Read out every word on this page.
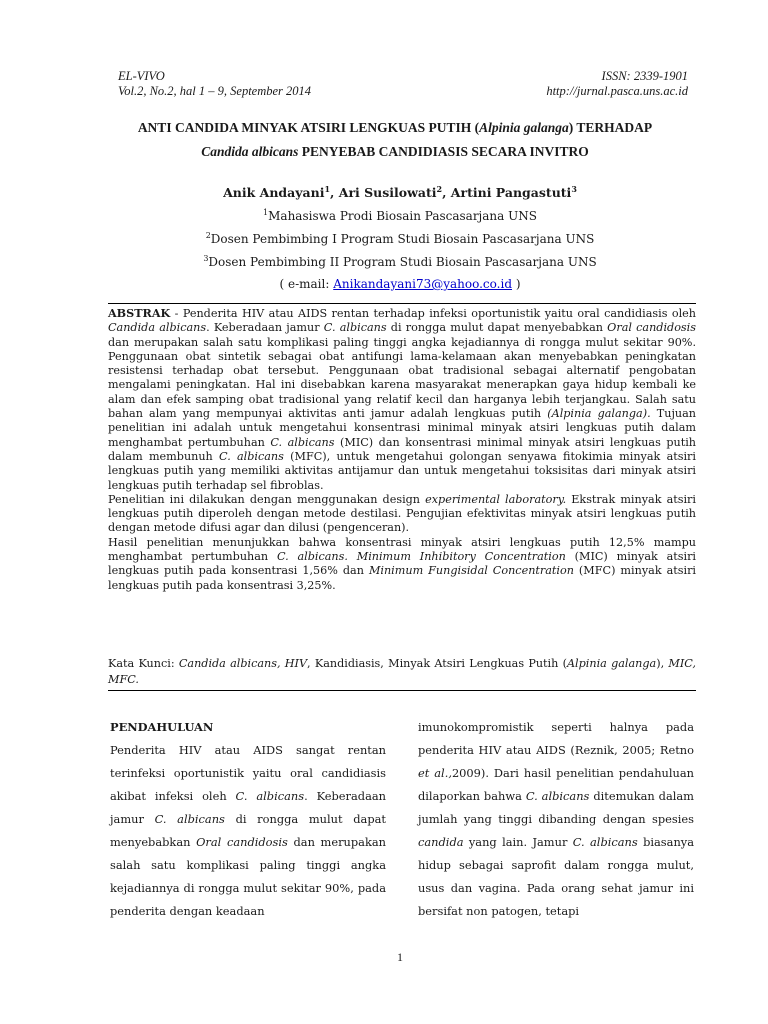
EL-VIVO
Vol.2, No.2, hal 1 – 9, September 2014
ISSN: 2339-1901
http://jurnal.pasca.uns.ac.id
ANTI CANDIDA MINYAK ATSIRI LENGKUAS PUTIH (Alpinia galanga) TERHADAP
Candida albicans PENYEBAB CANDIDIASIS SECARA INVITRO
Anik Andayani$^1$, Ari Susilowati$^2$, Artini Pangastuti$^3$
$^1$Mahasiswa Prodi Biosain Pascasarjana UNS
$^2$Dosen Pembimbing I Program Studi Biosain Pascasarjana UNS
$^3$Dosen Pembimbing II Program Studi Biosain Pascasarjana UNS
( e-mail: Anikandayani73@yahoo.co.id )

ABSTRAK - Penderita HIV atau AIDS rentan terhadap infeksi oportunistik yaitu oral candidiasis oleh Candida albicans. Keberadaan jamur C. albicans di rongga mulut dapat menyebabkan Oral candidosis dan merupakan salah satu komplikasi paling tinggi angka kejadiannya di rongga mulut sekitar 90%. Penggunaan obat sintetik sebagai obat antifungi lama-kelamaan akan menyebabkan peningkatan resistensi terhadap obat tersebut. Penggunaan obat tradisional sebagai alternatif pengobatan mengalami peningkatan. Hal ini disebabkan karena masyarakat menerapkan gaya hidup kembali ke alam dan efek samping obat tradisional yang relatif kecil dan harganya lebih terjangkau. Salah satu bahan alam yang mempunyai aktivitas anti jamur adalah lengkuas putih (Alpinia galanga). Tujuan penelitian ini adalah untuk mengetahui konsentrasi minimal minyak atsiri lengkuas putih dalam menghambat pertumbuhan C. albicans (MIC) dan konsentrasi minimal minyak atsiri lengkuas putih dalam membunuh C. albicans (MFC), untuk mengetahui golongan senyawa fitokimia minyak atsiri lengkuas putih yang memiliki aktivitas antijamur dan untuk mengetahui toksisitas dari minyak atsiri lengkuas putih terhadap sel fibroblas.

Penelitian ini dilakukan dengan menggunakan design experimental laboratory. Ekstrak minyak atsiri lengkuas putih diperoleh dengan metode destilasi. Pengujian efektivitas minyak atsiri lengkuas putih dengan metode difusi agar dan dilusi (pengenceran).

Hasil penelitian menunjukkan bahwa konsentrasi minyak atsiri lengkuas putih 12,5% mampu menghambat pertumbuhan C. albicans. Minimum Inhibitory Concentration (MIC) minyak atsiri lengkuas putih pada konsentrasi 1,56% dan Minimum Fungisidal Concentration (MFC) minyak atsiri lengkuas putih pada konsentrasi 3,25%.

Kata Kunci: Candida albicans, HIV, Kandidiasis, Minyak Atsiri Lengkuas Putih (Alpinia galanga), MIC, MFC.
PENDAHULUAN
Penderita HIV atau AIDS sangat rentan terinfeksi oportunistik yaitu oral candidiasis akibat infeksi oleh C. albicans. Keberadaan jamur C. albicans di rongga mulut dapat menyebabkan Oral candidosis dan merupakan salah satu komplikasi paling tinggi angka kejadiannya di rongga mulut sekitar 90%, pada penderita dengan keadaan
imunokompromistik seperti halnya pada penderita HIV atau AIDS (Reznik, 2005; Retno et al.,2009). Dari hasil penelitian pendahuluan dilaporkan bahwa C. albicans ditemukan dalam jumlah yang tinggi dibanding dengan spesies candida yang lain. Jamur C. albicans biasanya hidup sebagai saprofit dalam rongga mulut, usus dan vagina. Pada orang sehat jamur ini bersifat non patogen, tetapi
1
